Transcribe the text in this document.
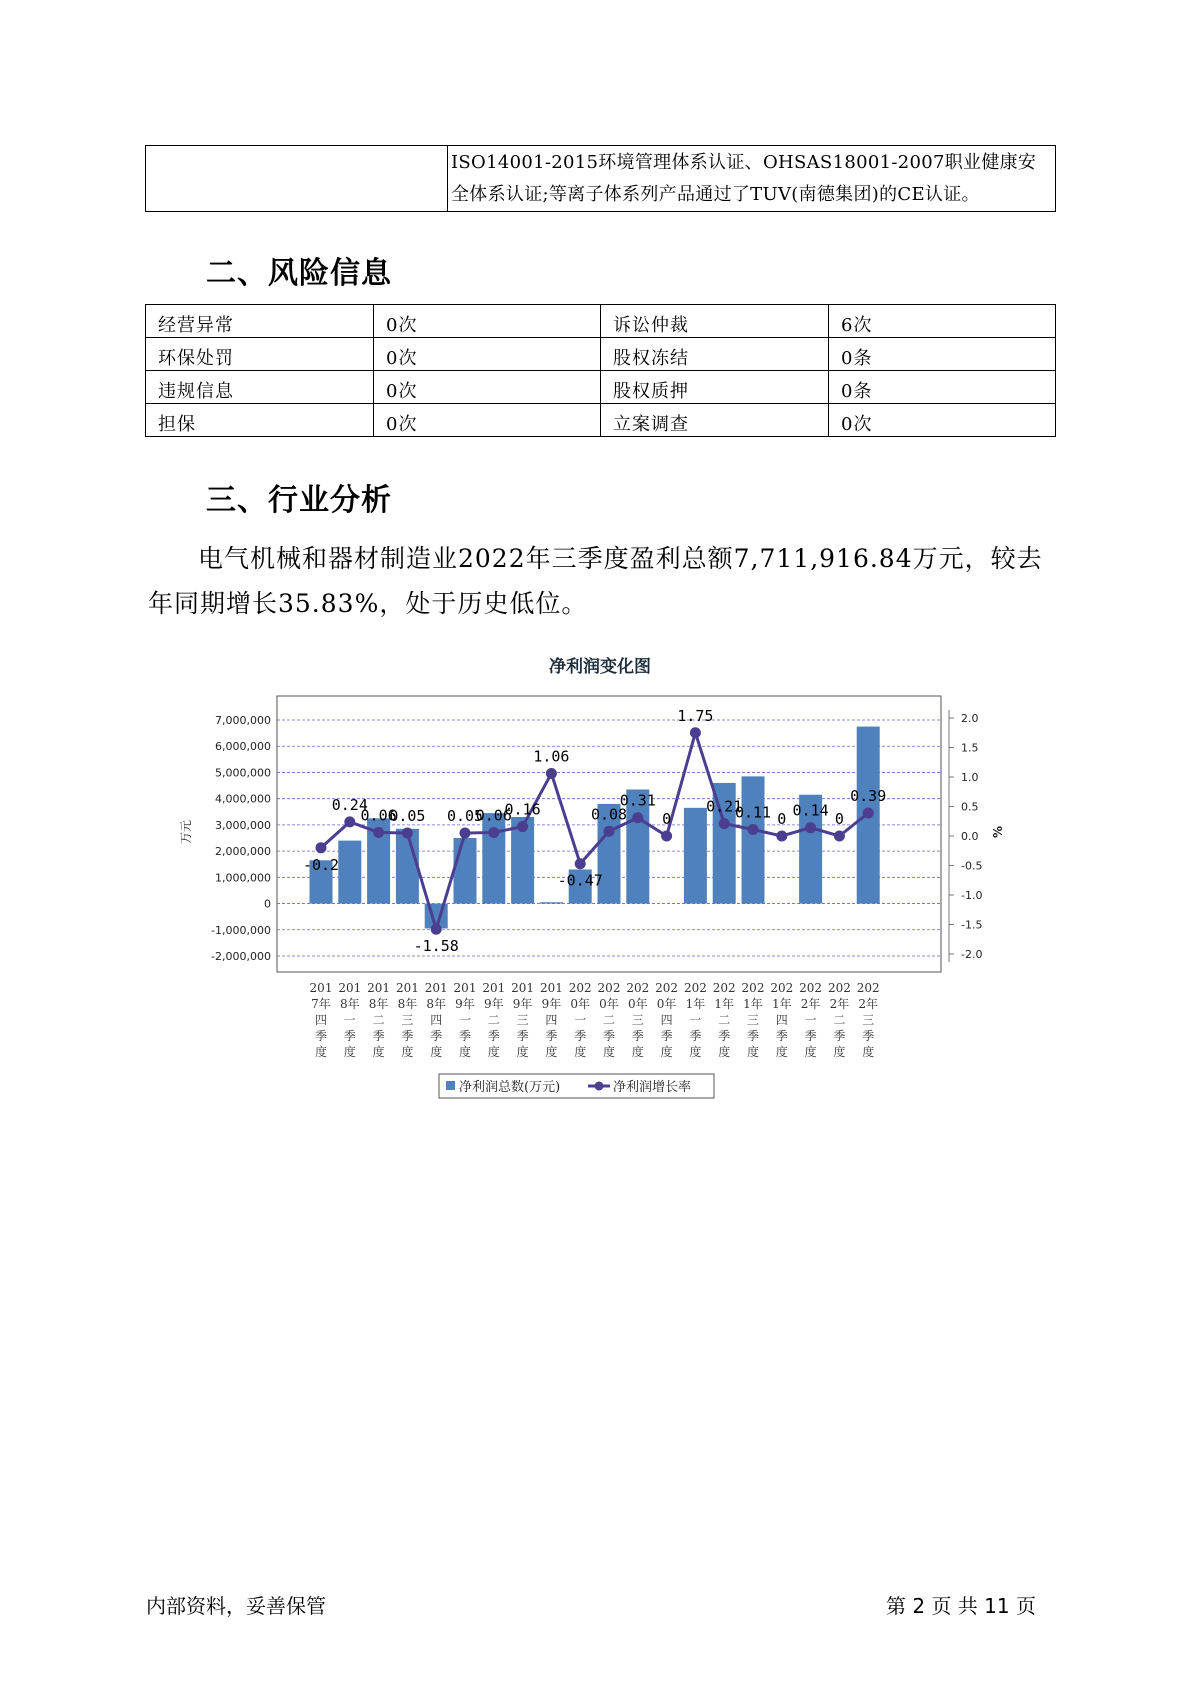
ISO14001-2015环境管理体系认证、OHSAS18001-2007职业健康安全体系认证;等离子体系列产品通过了TUV(南德集团)的CE认证。
二、风险信息
经营异常	0次	诉讼仲裁	6次
环保处罚	0次	股权冻结	0条
违规信息	0次	股权质押	0条
担保	0次	立案调查	0次
三、行业分析

电气机械和器材制造业2022年三季度盈利总额7,711,916.84万元，较去年同期增长35.83%，处于历史低位。

净利润变化图
7,000,000
6,000,000
5,000,000
4,000,000
3,000,000
2,000,000
1,000,000
0
-1,000,000
-2,000,000
2.0
1.5
1.0
0.5
0.0
-0.5
-1.0
-1.5
-2.0
万元	%
-0.2
0.24
0.06
0.05
-1.58
0.05
0.06
0.16
1.06
-0.47
0.08
0.31
0
1.75
0.21
0.11 0 0.14 0
0.39
201
7年
四
季
度
201
8年
一
季
度
201
8年
二
季
度
201
8年
三
季
度
201
8年
四
季
度
201
9年
一
季
度
201
9年
二
季
度
201
9年
三
季
度
201
9年
四
季
度
202
0年
一
季
度
202
0年
二
季
度
202
0年
三
季
度
202
0年
四
季
度
202
1年
一
季
度
202
1年
二
季
度
202
1年
三
季
度
202
1年
四
季
度
202
2年
一
季
度
202
2年
二
季
度
202
2年
三
季
度
净利润总数(万元)	净利润增长率
内部资料，妥善保管	第 2 页 共 11 页
